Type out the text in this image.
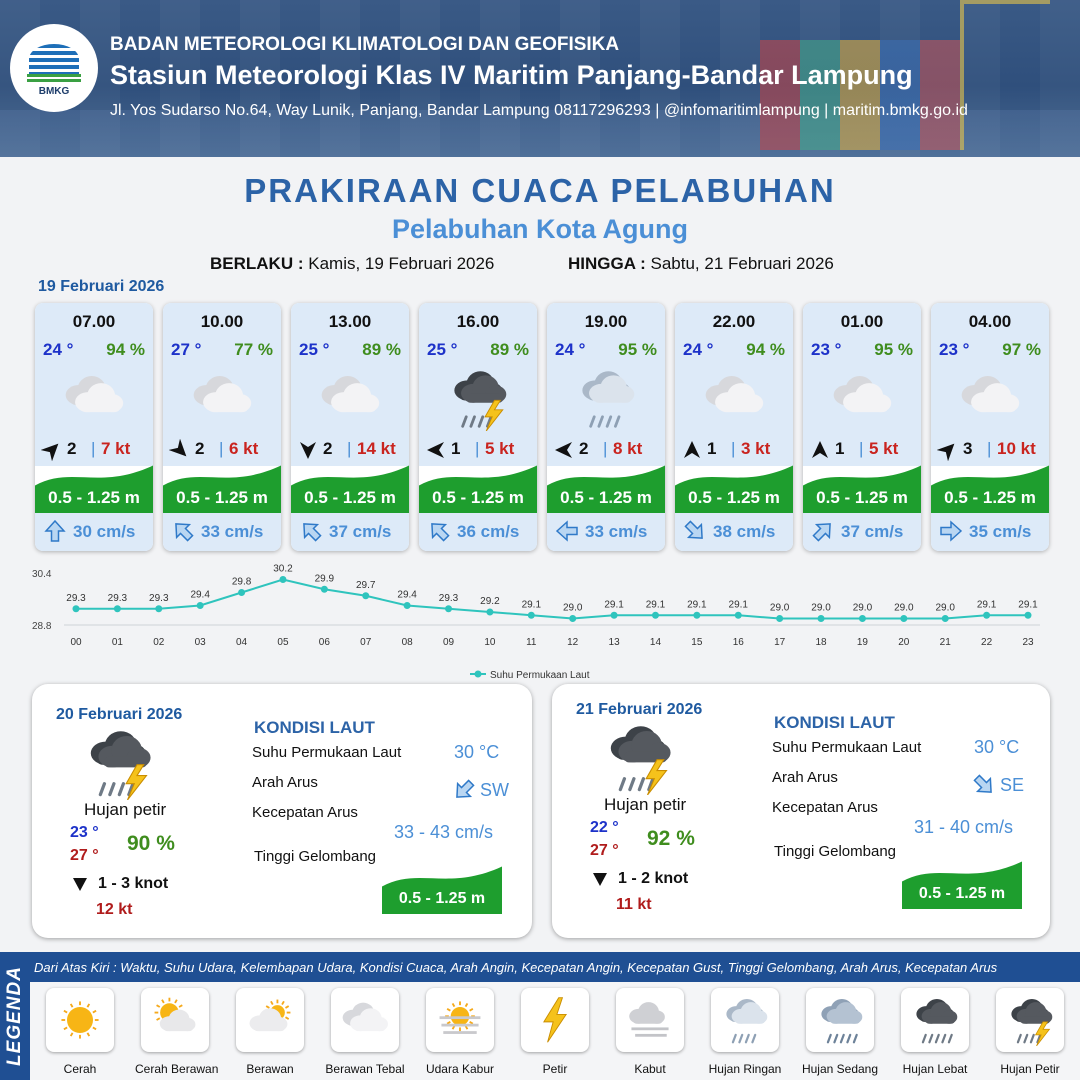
BMKG
BADAN METEOROLOGI KLIMATOLOGI DAN GEOFISIKA
Stasiun Meteorologi Klas IV Maritim Panjang-Bandar Lampung
Jl. Yos Sudarso No.64, Way Lunik, Panjang, Bandar Lampung 08117296293 | @infomaritimlampung | maritim.bmkg.go.id
PRAKIRAAN CUACA PELABUHAN
Pelabuhan Kota Agung
BERLAKU : Kamis, 19 Februari 2026	HINGGA : Sabtu, 21 Februari 2026
19 Februari 2026
07.00
24 ° 94 %
2 | 7 kt
0.5 - 1.25 m
30 cm/s
10.00
27 ° 77 %
2 | 6 kt
0.5 - 1.25 m
33 cm/s
13.00
25 ° 89 %
2 | 14 kt
0.5 - 1.25 m
37 cm/s
16.00
25 ° 89 %
1 | 5 kt
0.5 - 1.25 m
36 cm/s
19.00
24 ° 95 %
2 | 8 kt
0.5 - 1.25 m
33 cm/s
22.00
24 ° 94 %
1 | 3 kt
0.5 - 1.25 m
38 cm/s
01.00
23 ° 95 %
1 | 5 kt
0.5 - 1.25 m
37 cm/s
04.00
23 ° 97 %
3 | 10 kt
0.5 - 1.25 m
35 cm/s
28.8
30.4
29.3
00
29.3
01
29.3
02
29.4
03
29.8
04
30.2
05
29.9
06
29.7
07
29.4
08
29.3
09
29.2
10
29.1
11
29.0
12
29.1
13
29.1
14
29.1
15
29.1
16
29.0
17
29.0
18
29.0
19
29.0
20
29.0
21
29.1
22
29.1
23
Suhu Permukaan Laut
20 Februari 2026
Hujan petir
23 °
27 °
90 %
1 - 3 knot
12 kt
KONDISI LAUT
Suhu Permukaan Laut	30 °C
Arah Arus	SW
Kecepatan Arus
33 - 43 cm/s
Tinggi Gelombang
0.5 - 1.25 m
21 Februari 2026
Hujan petir
22 °
27 °
92 %
1 - 2 knot
11 kt
KONDISI LAUT
Suhu Permukaan Laut	30 °C
Arah Arus	SE
Kecepatan Arus
31 - 40 cm/s
Tinggi Gelombang
0.5 - 1.25 m
LEGENDA Dari Atas Kiri : Waktu, Suhu Udara, Kelembapan Udara, Kondisi Cuaca, Arah Angin, Kecepatan Angin, Kecepatan Gust, Tinggi Gelombang, Arah Arus, Kecepatan Arus
Cerah	Cerah Berawan	Berawan	Berawan Tebal	Udara Kabur	Petir	Kabut	Hujan Ringan	Hujan Sedang	Hujan Lebat	Hujan Petir
